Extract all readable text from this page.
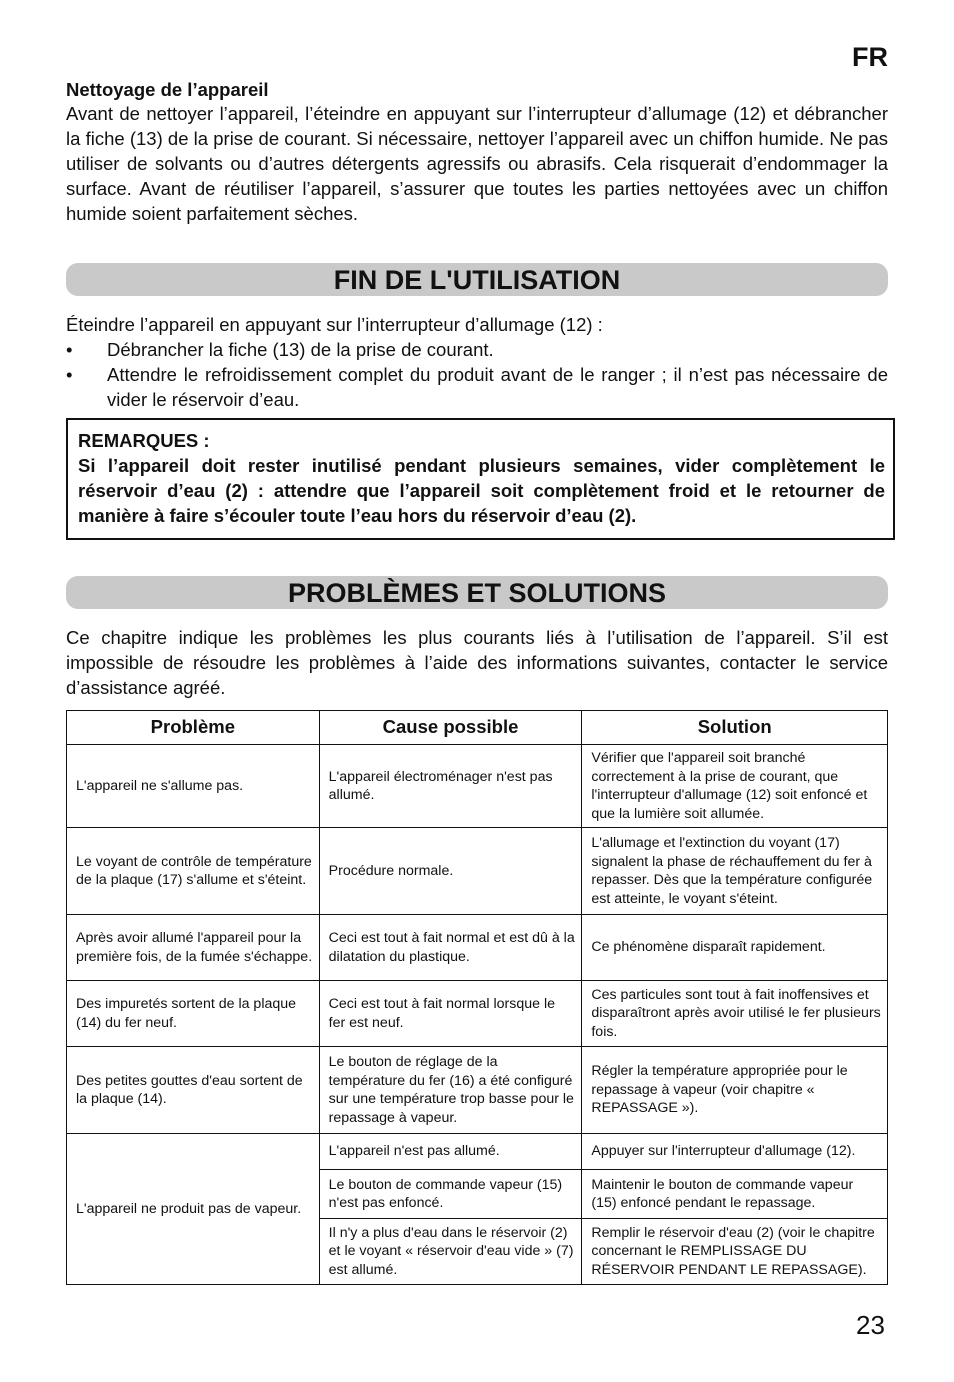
FR
Nettoyage de l’appareil
Avant de nettoyer l’appareil, l’éteindre en appuyant sur l’interrupteur d’allumage (12) et débrancher la fiche (13) de la prise de courant. Si nécessaire, nettoyer l’appareil avec un chiffon humide. Ne pas utiliser de solvants ou d’autres détergents agressifs ou abrasifs. Cela risquerait d’endommager la surface. Avant de réutiliser l’appareil, s’assurer que toutes les parties nettoyées avec un chiffon humide soient parfaitement sèches.
FIN DE L'UTILISATION
Éteindre l’appareil en appuyant sur l’interrupteur d’allumage (12) :
• Débrancher la fiche (13) de la prise de courant.
• Attendre le refroidissement complet du produit avant de le ranger ; il n’est pas nécessaire de vider le réservoir d’eau.
REMARQUES :
Si l’appareil doit rester inutilisé pendant plusieurs semaines, vider complètement le réservoir d’eau (2) : attendre que l’appareil soit complètement froid et le retourner de manière à faire s’écouler toute l’eau hors du réservoir d’eau (2).
PROBLÈMES ET SOLUTIONS
Ce chapitre indique les problèmes les plus courants liés à l’utilisation de l’appareil. S’il est impossible de résoudre les problèmes à l’aide des informations suivantes, contacter le service d’assistance agréé.
Problème	Cause possible	Solution
L'appareil ne s'allume pas.	L'appareil électroménager n'est pas allumé.	Vérifier que l'appareil soit branché correctement à la prise de courant, que l'interrupteur d'allumage (12) soit enfoncé et que la lumière soit allumée.
Le voyant de contrôle de température de la plaque (17) s'allume et s'éteint.	Procédure normale.	L'allumage et l'extinction du voyant (17) signalent la phase de réchauffement du fer à repasser. Dès que la température configurée est atteinte, le voyant s'éteint.
Après avoir allumé l'appareil pour la première fois, de la fumée s'échappe.	Ceci est tout à fait normal et est dû à la dilatation du plastique.	Ce phénomène disparaît rapidement.
Des impuretés sortent de la plaque (14) du fer neuf.	Ceci est tout à fait normal lorsque le fer est neuf.	Ces particules sont tout à fait inoffensives et disparaîtront après avoir utilisé le fer plusieurs fois.
Des petites gouttes d'eau sortent de la plaque (14).	Le bouton de réglage de la température du fer (16) a été configuré sur une température trop basse pour le repassage à vapeur.	Régler la température appropriée pour le repassage à vapeur (voir chapitre « REPASSAGE »).
L'appareil ne produit pas de vapeur.	L'appareil n'est pas allumé.	Appuyer sur l'interrupteur d'allumage (12).
	Le bouton de commande vapeur (15) n'est pas enfoncé.	Maintenir le bouton de commande vapeur (15) enfoncé pendant le repassage.
	Il n'y a plus d'eau dans le réservoir (2) et le voyant « réservoir d'eau vide » (7) est allumé.	Remplir le réservoir d'eau (2) (voir le chapitre concernant le REMPLISSAGE DU RÉSERVOIR PENDANT LE REPASSAGE).
23
